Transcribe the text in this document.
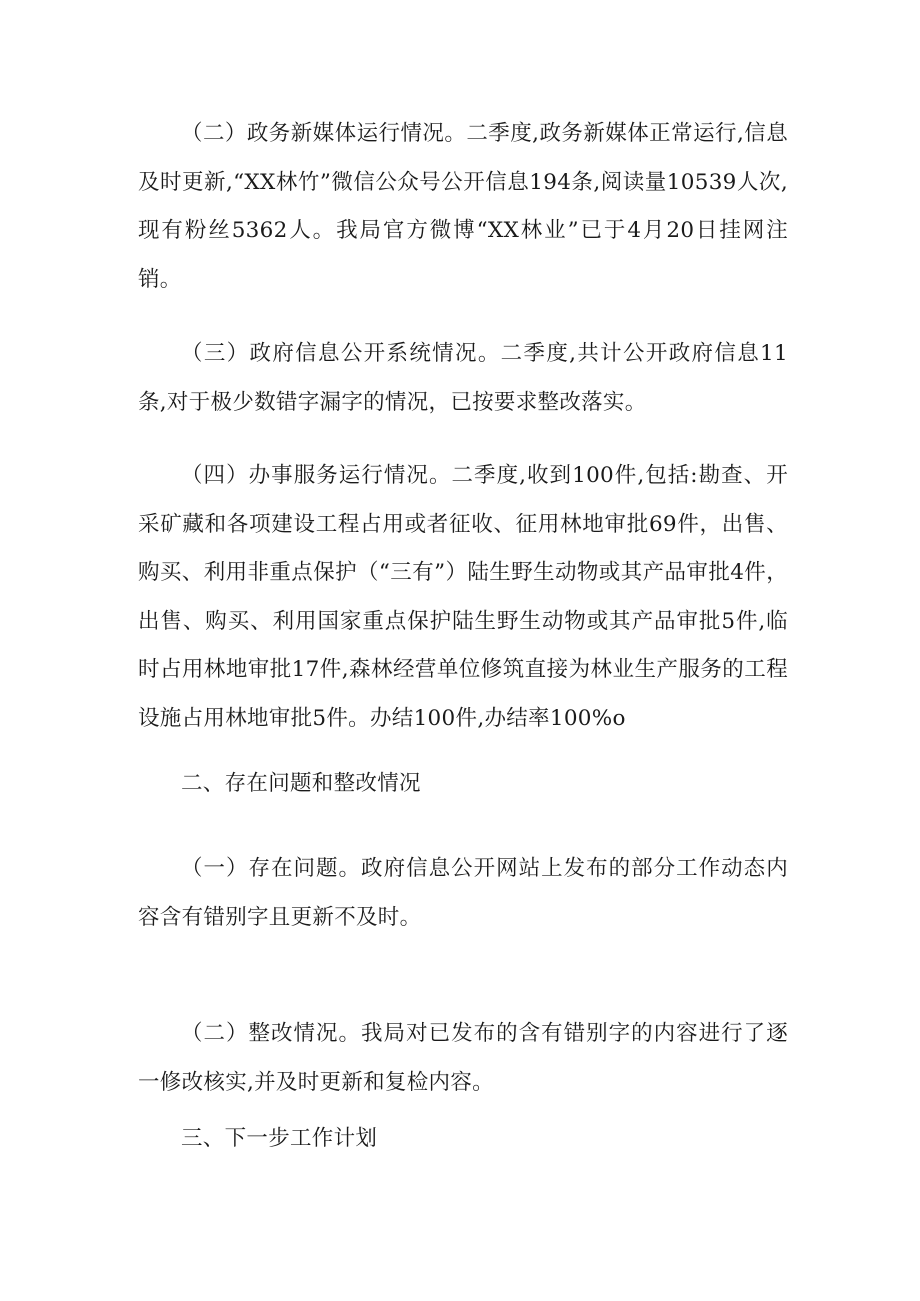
（二）政务新媒体运行情况。二季度,政务新媒体正常运行,信息及时更新,“XX林竹”微信公众号公开信息194条,阅读量10539人次,现有粉丝5362人。我局官方微博“XX林业”已于4月20日挂网注销。

（三）政府信息公开系统情况。二季度,共计公开政府信息11条,对于极少数错字漏字的情况，已按要求整改落实。

（四）办事服务运行情况。二季度,收到100件,包括:勘查、开采矿藏和各项建设工程占用或者征收、征用林地审批69件，出售、购买、利用非重点保护（“三有”）陆生野生动物或其产品审批4件，出售、购买、利用国家重点保护陆生野生动物或其产品审批5件,临时占用林地审批17件,森林经营单位修筑直接为林业生产服务的工程设施占用林地审批5件。办结100件,办结率100%o

二、存在问题和整改情况

（一）存在问题。政府信息公开网站上发布的部分工作动态内容含有错别字且更新不及时。

（二）整改情况。我局对已发布的含有错别字的内容进行了逐一修改核实,并及时更新和复检内容。

三、下一步工作计划
